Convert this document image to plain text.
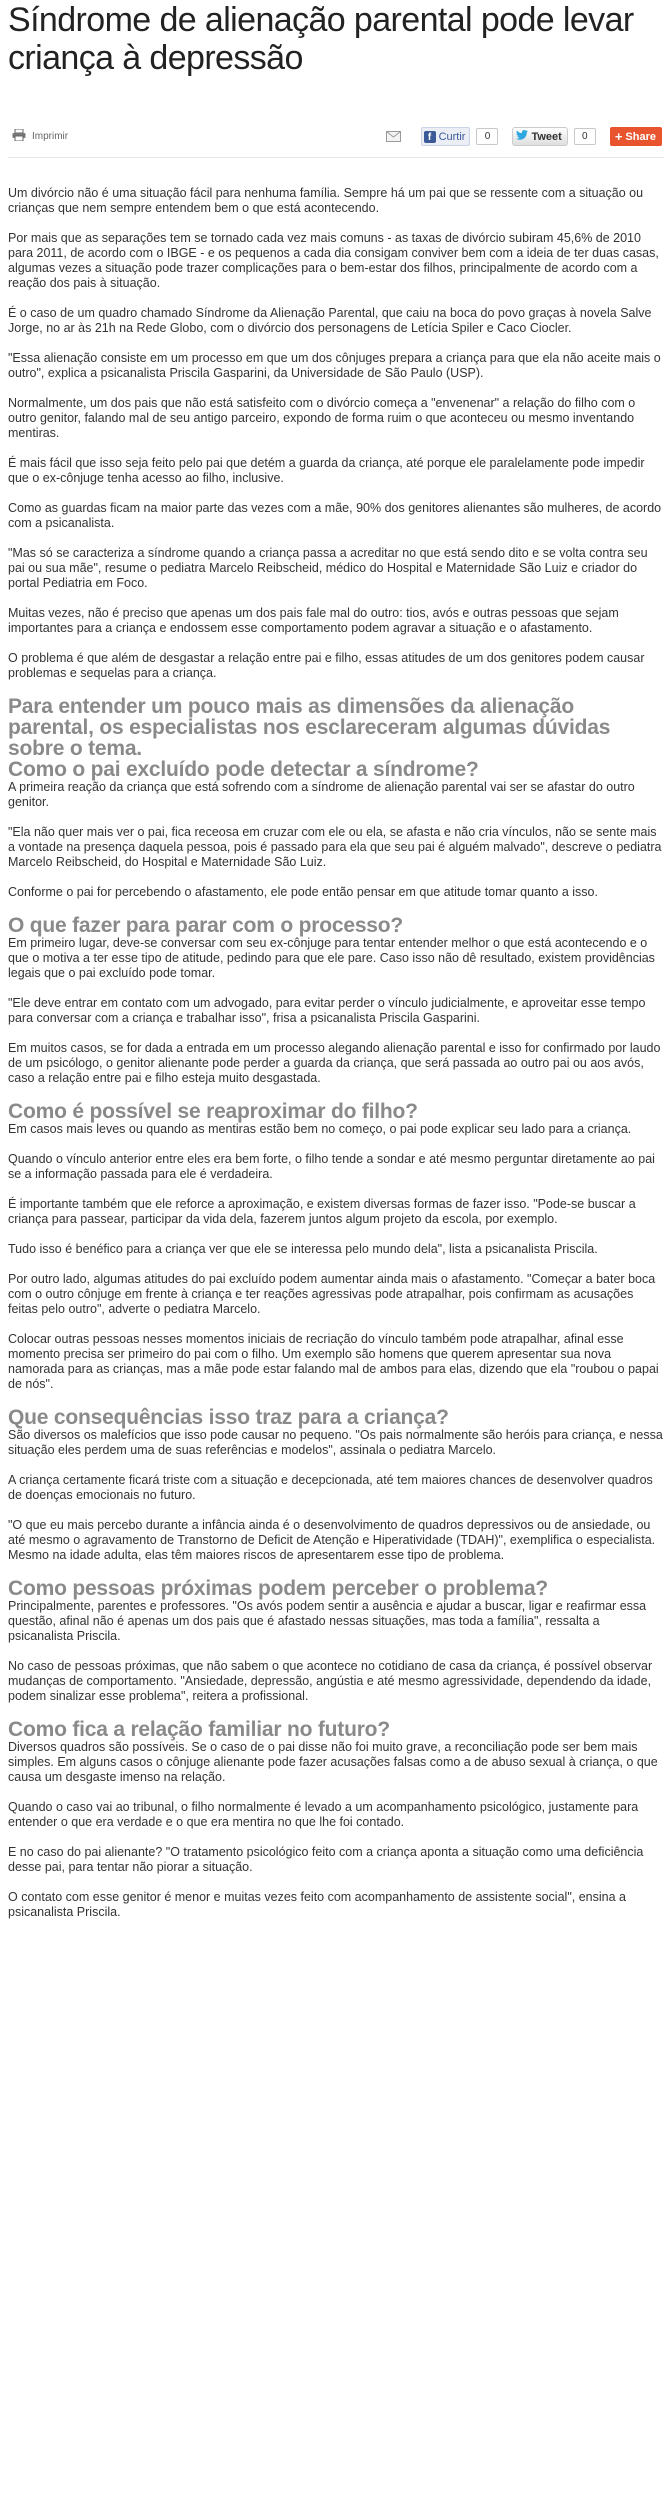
Síndrome de alienação parental pode levar criança à depressão
Imprimir	f Curtir	0	Tweet	0	+ Share

Um divórcio não é uma situação fácil para nenhuma família. Sempre há um pai que se ressente com a situação ou crianças que nem sempre entendem bem o que está acontecendo.

Por mais que as separações tem se tornado cada vez mais comuns - as taxas de divórcio subiram 45,6% de 2010 para 2011, de acordo com o IBGE - e os pequenos a cada dia consigam conviver bem com a ideia de ter duas casas, algumas vezes a situação pode trazer complicações para o bem-estar dos filhos, principalmente de acordo com a reação dos pais à situação.

É o caso de um quadro chamado Síndrome da Alienação Parental, que caiu na boca do povo graças à novela Salve Jorge, no ar às 21h na Rede Globo, com o divórcio dos personagens de Letícia Spiler e Caco Ciocler.

"Essa alienação consiste em um processo em que um dos cônjuges prepara a criança para que ela não aceite mais o outro", explica a psicanalista Priscila Gasparini, da Universidade de São Paulo (USP).

Normalmente, um dos pais que não está satisfeito com o divórcio começa a "envenenar" a relação do filho com o outro genitor, falando mal de seu antigo parceiro, expondo de forma ruim o que aconteceu ou mesmo inventando mentiras.

É mais fácil que isso seja feito pelo pai que detém a guarda da criança, até porque ele paralelamente pode impedir que o ex-cônjuge tenha acesso ao filho, inclusive.

Como as guardas ficam na maior parte das vezes com a mãe, 90% dos genitores alienantes são mulheres, de acordo com a psicanalista.

"Mas só se caracteriza a síndrome quando a criança passa a acreditar no que está sendo dito e se volta contra seu pai ou sua mãe", resume o pediatra Marcelo Reibscheid, médico do Hospital e Maternidade São Luiz e criador do portal Pediatria em Foco.

Muitas vezes, não é preciso que apenas um dos pais fale mal do outro: tios, avós e outras pessoas que sejam importantes para a criança e endossem esse comportamento podem agravar a situação e o afastamento.

O problema é que além de desgastar a relação entre pai e filho, essas atitudes de um dos genitores podem causar problemas e sequelas para a criança.

Para entender um pouco mais as dimensões da alienação parental, os especialistas nos esclareceram algumas dúvidas sobre o tema.
Como o pai excluído pode detectar a síndrome?

A primeira reação da criança que está sofrendo com a síndrome de alienação parental vai ser se afastar do outro genitor.

"Ela não quer mais ver o pai, fica receosa em cruzar com ele ou ela, se afasta e não cria vínculos, não se sente mais a vontade na presença daquela pessoa, pois é passado para ela que seu pai é alguém malvado", descreve o pediatra Marcelo Reibscheid, do Hospital e Maternidade São Luiz.

Conforme o pai for percebendo o afastamento, ele pode então pensar em que atitude tomar quanto a isso.

O que fazer para parar com o processo?

Em primeiro lugar, deve-se conversar com seu ex-cônjuge para tentar entender melhor o que está acontecendo e o que o motiva a ter esse tipo de atitude, pedindo para que ele pare. Caso isso não dê resultado, existem providências legais que o pai excluído pode tomar.

"Ele deve entrar em contato com um advogado, para evitar perder o vínculo judicialmente, e aproveitar esse tempo para conversar com a criança e trabalhar isso", frisa a psicanalista Priscila Gasparini.

Em muitos casos, se for dada a entrada em um processo alegando alienação parental e isso for confirmado por laudo de um psicólogo, o genitor alienante pode perder a guarda da criança, que será passada ao outro pai ou aos avós, caso a relação entre pai e filho esteja muito desgastada.

Como é possível se reaproximar do filho?

Em casos mais leves ou quando as mentiras estão bem no começo, o pai pode explicar seu lado para a criança.

Quando o vínculo anterior entre eles era bem forte, o filho tende a sondar e até mesmo perguntar diretamente ao pai se a informação passada para ele é verdadeira.

É importante também que ele reforce a aproximação, e existem diversas formas de fazer isso. "Pode-se buscar a criança para passear, participar da vida dela, fazerem juntos algum projeto da escola, por exemplo.

Tudo isso é benéfico para a criança ver que ele se interessa pelo mundo dela", lista a psicanalista Priscila.

Por outro lado, algumas atitudes do pai excluído podem aumentar ainda mais o afastamento. "Começar a bater boca com o outro cônjuge em frente à criança e ter reações agressivas pode atrapalhar, pois confirmam as acusações feitas pelo outro", adverte o pediatra Marcelo.

Colocar outras pessoas nesses momentos iniciais de recriação do vínculo também pode atrapalhar, afinal esse momento precisa ser primeiro do pai com o filho. Um exemplo são homens que querem apresentar sua nova namorada para as crianças, mas a mãe pode estar falando mal de ambos para elas, dizendo que ela "roubou o papai de nós".

Que consequências isso traz para a criança?

São diversos os malefícios que isso pode causar no pequeno. "Os pais normalmente são heróis para criança, e nessa situação eles perdem uma de suas referências e modelos", assinala o pediatra Marcelo.

A criança certamente ficará triste com a situação e decepcionada, até tem maiores chances de desenvolver quadros de doenças emocionais no futuro.

"O que eu mais percebo durante a infância ainda é o desenvolvimento de quadros depressivos ou de ansiedade, ou até mesmo o agravamento de Transtorno de Deficit de Atenção e Hiperatividade (TDAH)", exemplifica o especialista. Mesmo na idade adulta, elas têm maiores riscos de apresentarem esse tipo de problema.

Como pessoas próximas podem perceber o problema?

Principalmente, parentes e professores. "Os avós podem sentir a ausência e ajudar a buscar, ligar e reafirmar essa questão, afinal não é apenas um dos pais que é afastado nessas situações, mas toda a família", ressalta a psicanalista Priscila.

No caso de pessoas próximas, que não sabem o que acontece no cotidiano de casa da criança, é possível observar mudanças de comportamento. "Ansiedade, depressão, angústia e até mesmo agressividade, dependendo da idade, podem sinalizar esse problema", reitera a profissional.

Como fica a relação familiar no futuro?

Diversos quadros são possíveis. Se o caso de o pai disse não foi muito grave, a reconciliação pode ser bem mais simples. Em alguns casos o cônjuge alienante pode fazer acusações falsas como a de abuso sexual à criança, o que causa um desgaste imenso na relação.

Quando o caso vai ao tribunal, o filho normalmente é levado a um acompanhamento psicológico, justamente para entender o que era verdade e o que era mentira no que lhe foi contado.

E no caso do pai alienante? "O tratamento psicológico feito com a criança aponta a situação como uma deficiência desse pai, para tentar não piorar a situação.

O contato com esse genitor é menor e muitas vezes feito com acompanhamento de assistente social", ensina a psicanalista Priscila.
